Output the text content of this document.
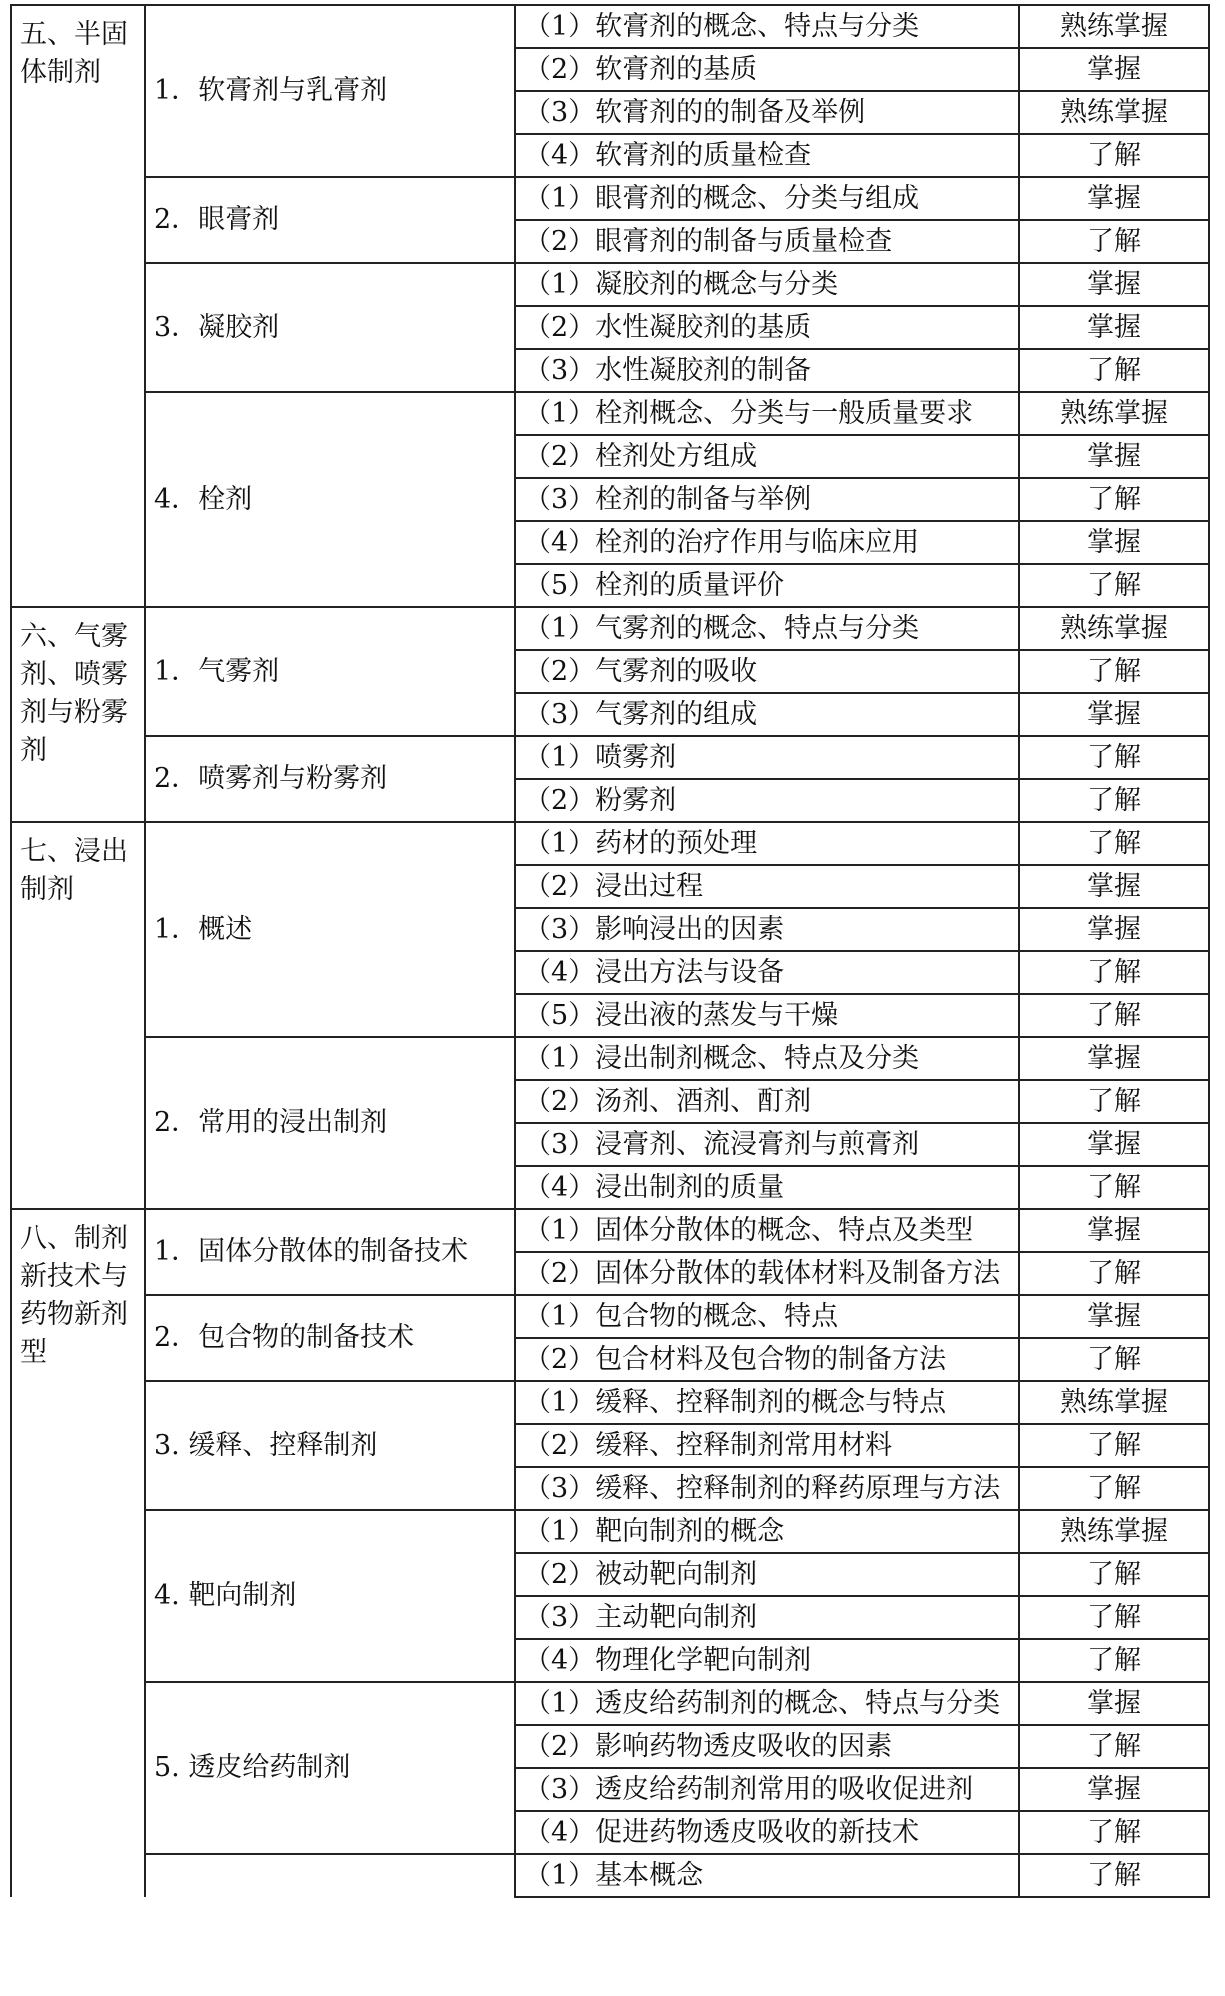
五、半固体制剂	1．软膏剂与乳膏剂	（1）软膏剂的概念、特点与分类	熟练掌握
		（2）软膏剂的基质	掌握
		（3）软膏剂的的制备及举例	熟练掌握
		（4）软膏剂的质量检查	了解
	2．眼膏剂	（1）眼膏剂的概念、分类与组成	掌握
		（2）眼膏剂的制备与质量检查	了解
	3．凝胶剂	（1）凝胶剂的概念与分类	掌握
		（2）水性凝胶剂的基质	掌握
		（3）水性凝胶剂的制备	了解
	4．栓剂	（1）栓剂概念、分类与一般质量要求	熟练掌握
		（2）栓剂处方组成	掌握
		（3）栓剂的制备与举例	了解
		（4）栓剂的治疗作用与临床应用	掌握
		（5）栓剂的质量评价	了解
六、气雾剂、喷雾剂与粉雾剂	1．气雾剂	（1）气雾剂的概念、特点与分类	熟练掌握
		（2）气雾剂的吸收	了解
		（3）气雾剂的组成	掌握
	2．喷雾剂与粉雾剂	（1）喷雾剂	了解
		（2）粉雾剂	了解
七、浸出制剂	1．概述	（1）药材的预处理	了解
		（2）浸出过程	掌握
		（3）影响浸出的因素	掌握
		（4）浸出方法与设备	了解
		（5）浸出液的蒸发与干燥	了解
	2．常用的浸出制剂	（1）浸出制剂概念、特点及分类	掌握
		（2）汤剂、酒剂、酊剂	了解
		（3）浸膏剂、流浸膏剂与煎膏剂	掌握
		（4）浸出制剂的质量	了解
八、制剂新技术与药物新剂型	1．固体分散体的制备技术	（1）固体分散体的概念、特点及类型	掌握
		（2）固体分散体的载体材料及制备方法	了解
	2．包合物的制备技术	（1）包合物的概念、特点	掌握
		（2）包合材料及包合物的制备方法	了解
	3. 缓释、控释制剂	（1）缓释、控释制剂的概念与特点	熟练掌握
		（2）缓释、控释制剂常用材料	了解
		（3）缓释、控释制剂的释药原理与方法	了解
	4. 靶向制剂	（1）靶向制剂的概念	熟练掌握
		（2）被动靶向制剂	了解
		（3）主动靶向制剂	了解
		（4）物理化学靶向制剂	了解
	5. 透皮给药制剂	（1）透皮给药制剂的概念、特点与分类	掌握
		（2）影响药物透皮吸收的因素	了解
		（3）透皮给药制剂常用的吸收促进剂	掌握
		（4）促进药物透皮吸收的新技术	了解
		（1）基本概念	了解
